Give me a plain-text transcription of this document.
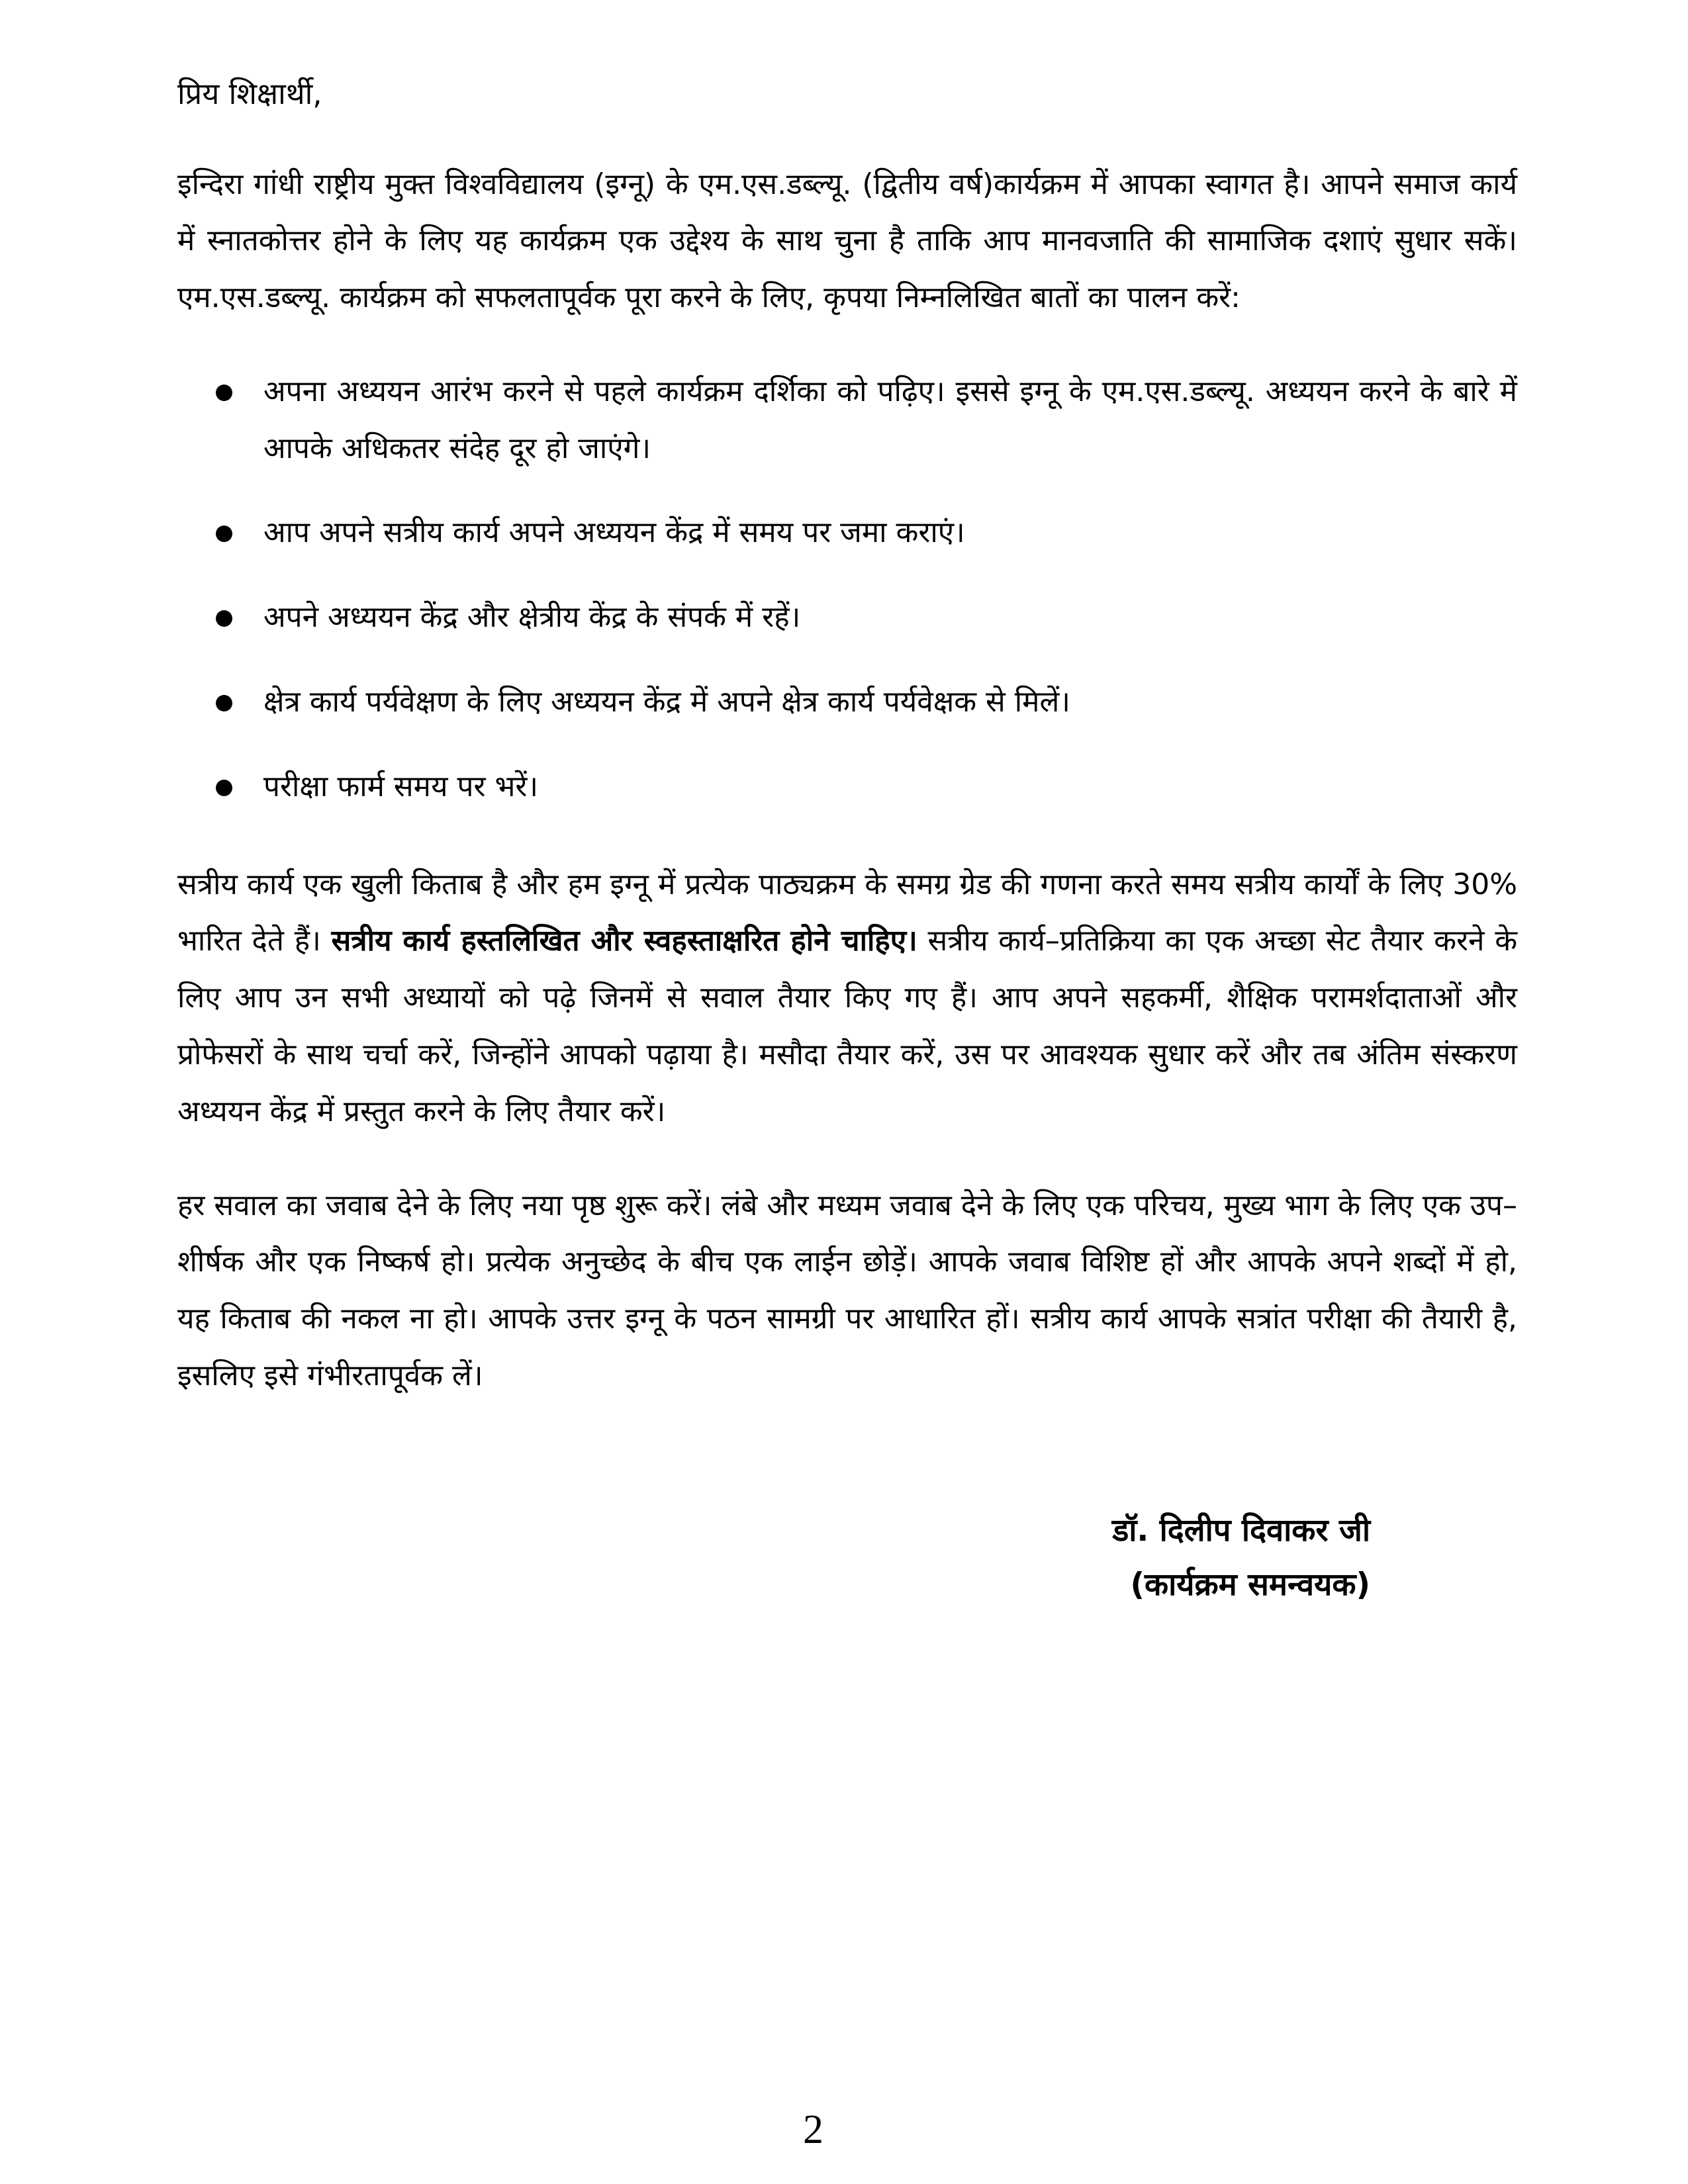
प्रिय शिक्षार्थी,

इन्दिरा गांधी राष्ट्रीय मुक्त विश्वविद्यालय (इग्नू) के एम.एस.डब्ल्यू. (द्वितीय वर्ष)कार्यक्रम में आपका स्वागत है। आपने समाज कार्य में स्नातकोत्तर होने के लिए यह कार्यक्रम एक उद्देश्य के साथ चुना है ताकि आप मानवजाति की सामाजिक दशाएं सुधार सकें। एम.एस.डब्ल्यू. कार्यक्रम को सफलतापूर्वक पूरा करने के लिए, कृपया निम्नलिखित बातों का पालन करें:

अपना अध्ययन आरंभ करने से पहले कार्यक्रम दर्शिका को पढ़िए। इससे इग्नू के एम.एस.डब्ल्यू. अध्ययन करने के बारे में आपके अधिकतर संदेह दूर हो जाएंगे।
आप अपने सत्रीय कार्य अपने अध्ययन केंद्र में समय पर जमा कराएं।
अपने अध्ययन केंद्र और क्षेत्रीय केंद्र के संपर्क में रहें।
क्षेत्र कार्य पर्यवेक्षण के लिए अध्ययन केंद्र में अपने क्षेत्र कार्य पर्यवेक्षक से मिलें।
परीक्षा फार्म समय पर भरें।

सत्रीय कार्य एक खुली किताब है और हम इग्नू में प्रत्येक पाठ्यक्रम के समग्र ग्रेड की गणना करते समय सत्रीय कार्यों के लिए 30% भारित देते हैं। सत्रीय कार्य हस्तलिखित और स्वहस्ताक्षरित होने चाहिए। सत्रीय कार्य–प्रतिक्रिया का एक अच्छा सेट तैयार करने के लिए आप उन सभी अध्यायों को पढ़े जिनमें से सवाल तैयार किए गए हैं। आप अपने सहकर्मी, शैक्षिक परामर्शदाताओं और प्रोफेसरों के साथ चर्चा करें, जिन्होंने आपको पढ़ाया है। मसौदा तैयार करें, उस पर आवश्यक सुधार करें और तब अंतिम संस्करण अध्ययन केंद्र में प्रस्तुत करने के लिए तैयार करें।

हर सवाल का जवाब देने के लिए नया पृष्ठ शुरू करें। लंबे और मध्यम जवाब देने के लिए एक परिचय, मुख्य भाग के लिए एक उप–शीर्षक और एक निष्कर्ष हो। प्रत्येक अनुच्छेद के बीच एक लाईन छोड़ें। आपके जवाब विशिष्ट हों और आपके अपने शब्दों में हो, यह किताब की नकल ना हो। आपके उत्तर इग्नू के पठन सामग्री पर आधारित हों। सत्रीय कार्य आपके सत्रांत परीक्षा की तैयारी है, इसलिए इसे गंभीरतापूर्वक लें।

डॉ. दिलीप दिवाकर जी
(कार्यक्रम समन्वयक)
2
